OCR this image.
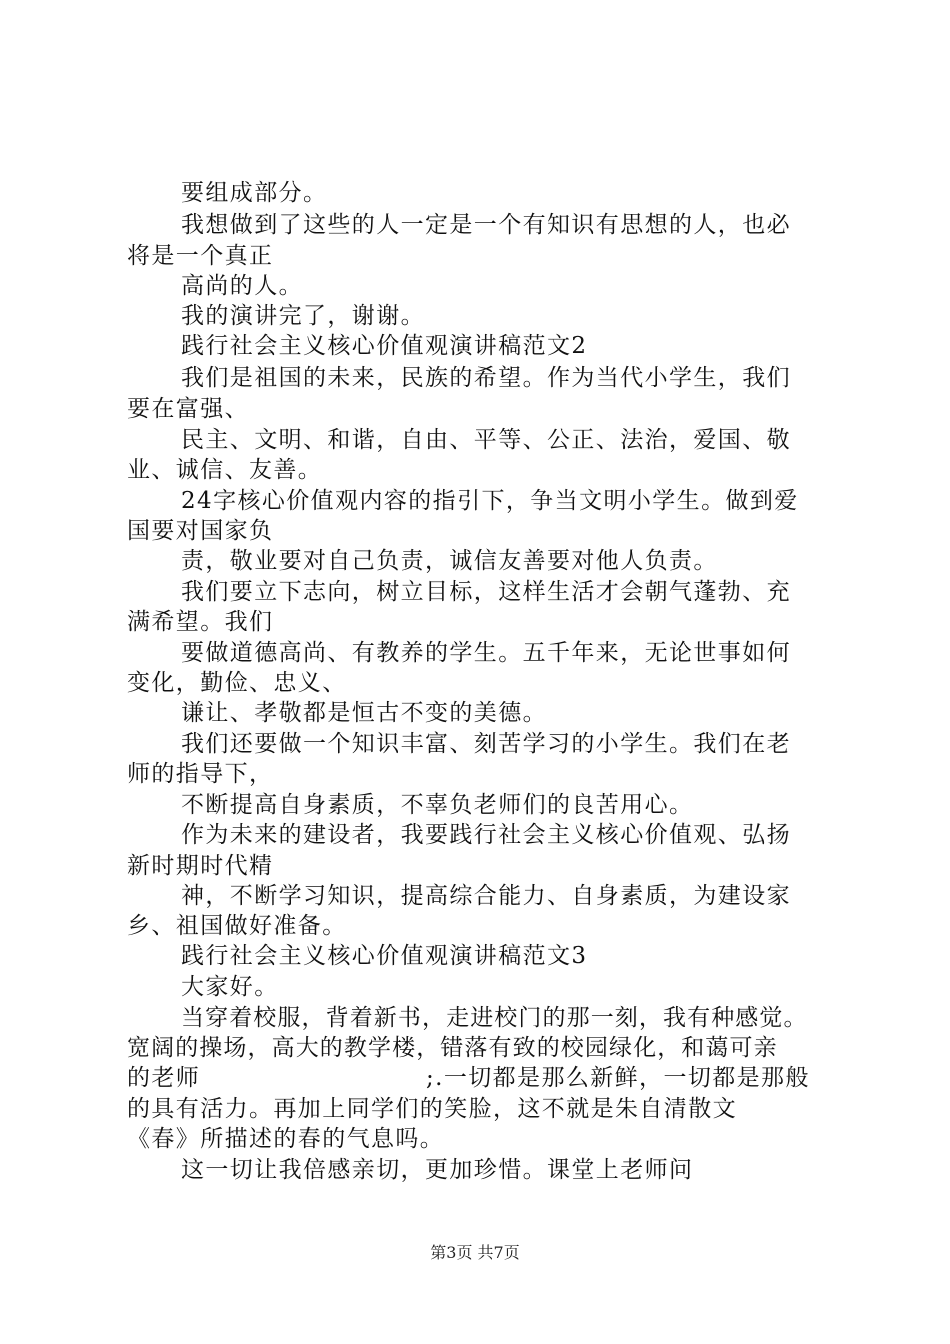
要组成部分。
我想做到了这些的人一定是一个有知识有思想的人，也必
将是一个真正
高尚的人。
我的演讲完了，谢谢。
践行社会主义核心价值观演讲稿范文2
我们是祖国的未来，民族的希望。作为当代小学生，我们
要在富强、
民主、文明、和谐，自由、平等、公正、法治，爱国、敬
业、诚信、友善。
24字核心价值观内容的指引下，争当文明小学生。做到爱
国要对国家负
责，敬业要对自己负责，诚信友善要对他人负责。
我们要立下志向，树立目标，这样生活才会朝气蓬勃、充
满希望。我们
要做道德高尚、有教养的学生。五千年来，无论世事如何
变化，勤俭、忠义、
谦让、孝敬都是恒古不变的美德。
我们还要做一个知识丰富、刻苦学习的小学生。我们在老
师的指导下，
不断提高自身素质，不辜负老师们的良苦用心。
作为未来的建设者，我要践行社会主义核心价值观、弘扬
新时期时代精
神，不断学习知识，提高综合能力、自身素质，为建设家
乡、祖国做好准备。
践行社会主义核心价值观演讲稿范文3
大家好。
当穿着校服，背着新书，走进校门的那一刻，我有种感觉。
宽阔的操场，高大的教学楼，错落有致的校园绿化，和蔼可亲
的老师	;.一切都是那么新鲜，一切都是那般
的具有活力。再加上同学们的笑脸，这不就是朱自清散文
《春》所描述的春的气息吗。
这一切让我倍感亲切，更加珍惜。课堂上老师问
第3页 共7页
